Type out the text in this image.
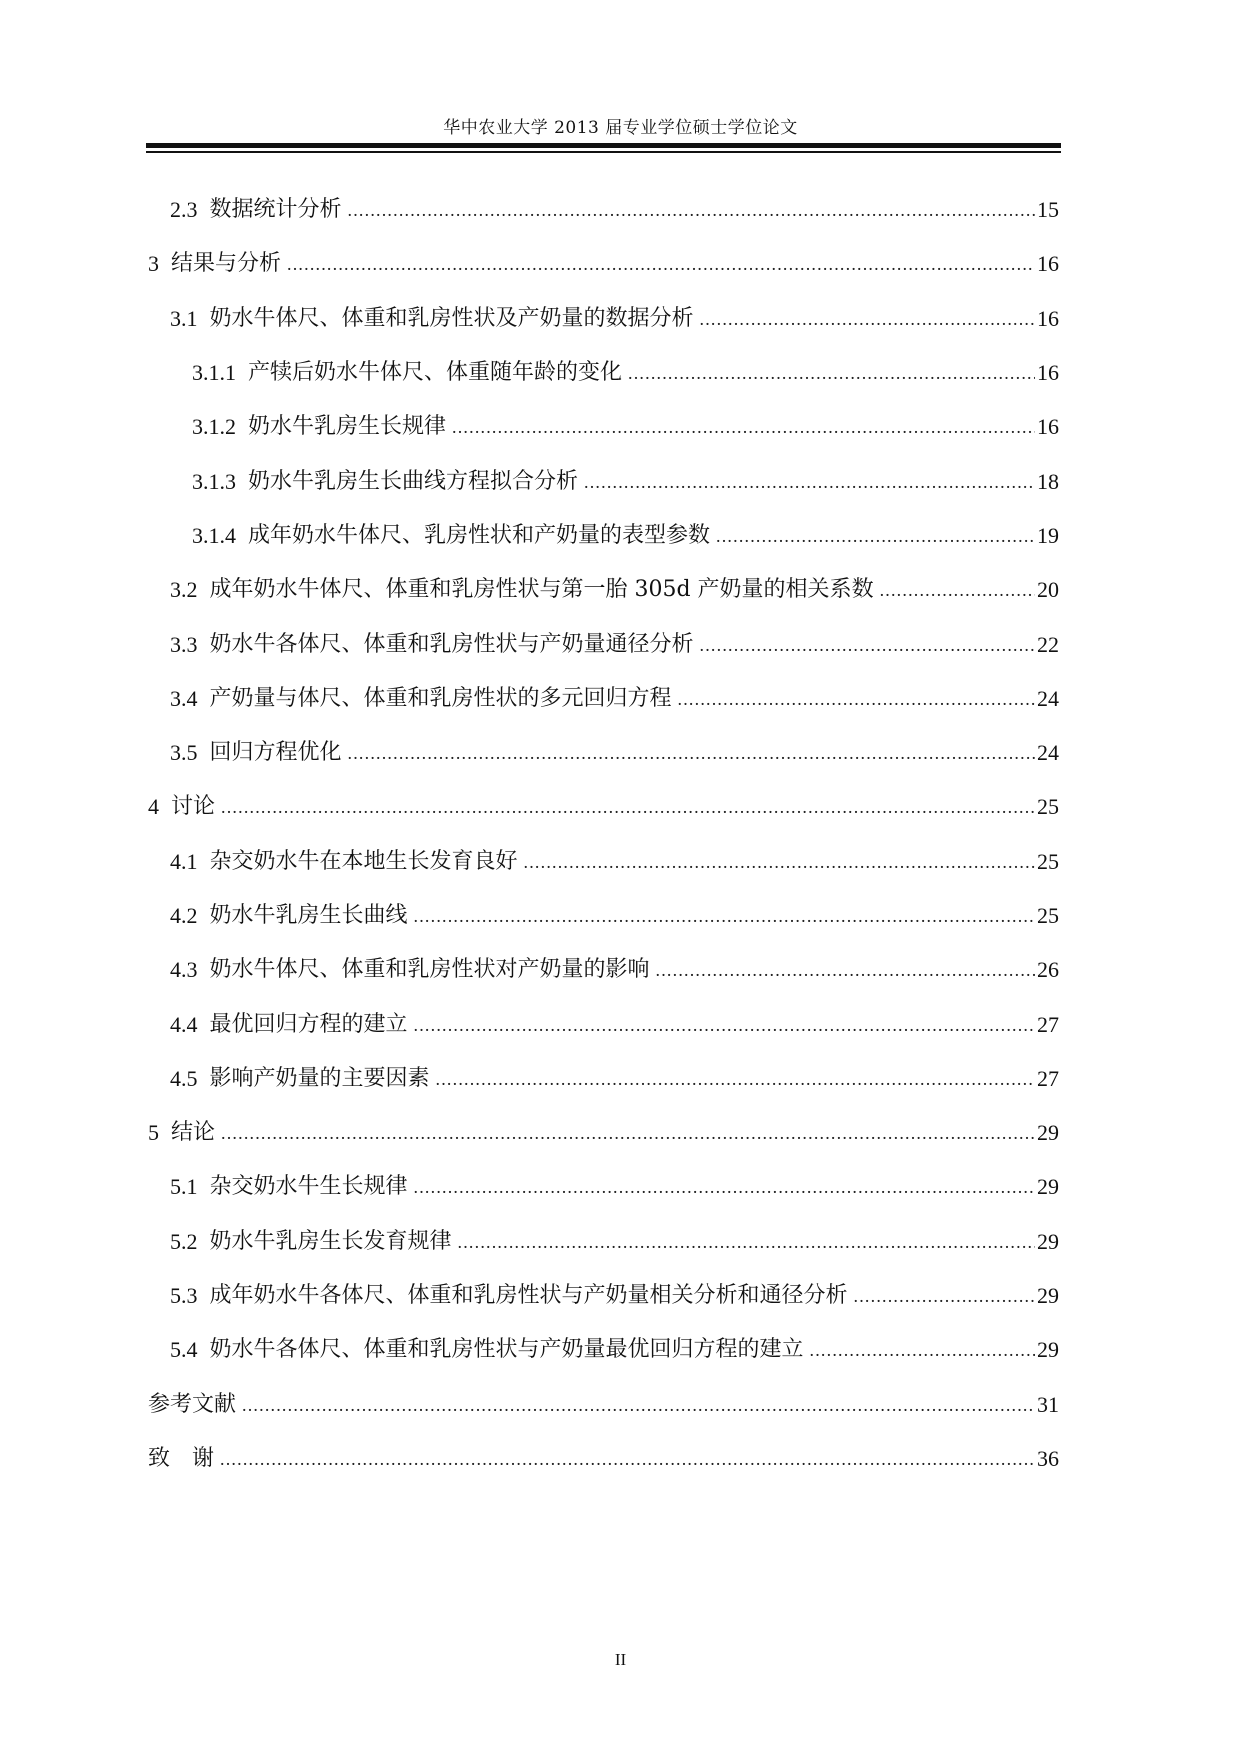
华中农业大学 2013 届专业学位硕士学位论文
2.3 数据统计分析 .....	15
3 结果与分析 .....	16
3.1 奶水牛体尺、体重和乳房性状及产奶量的数据分析 .....	16
3.1.1 产犊后奶水牛体尺、体重随年龄的变化 .....	16
3.1.2 奶水牛乳房生长规律 .....	16
3.1.3 奶水牛乳房生长曲线方程拟合分析 .....	18
3.1.4 成年奶水牛体尺、乳房性状和产奶量的表型参数 .....	19
3.2 成年奶水牛体尺、体重和乳房性状与第一胎 305d 产奶量的相关系数 .....	20
3.3 奶水牛各体尺、体重和乳房性状与产奶量通径分析 .....	22
3.4 产奶量与体尺、体重和乳房性状的多元回归方程 .....	24
3.5 回归方程优化 .....	24
4 讨论 .....	25
4.1 杂交奶水牛在本地生长发育良好 .....	25
4.2 奶水牛乳房生长曲线 .....	25
4.3 奶水牛体尺、体重和乳房性状对产奶量的影响 .....	26
4.4 最优回归方程的建立 .....	27
4.5 影响产奶量的主要因素 .....	27
5 结论 .....	29
5.1 杂交奶水牛生长规律 .....	29
5.2 奶水牛乳房生长发育规律 .....	29
5.3 成年奶水牛各体尺、体重和乳房性状与产奶量相关分析和通径分析 .....	29
5.4 奶水牛各体尺、体重和乳房性状与产奶量最优回归方程的建立 .....	29
参考文献 .....	31
致　谢 .....	36
II
